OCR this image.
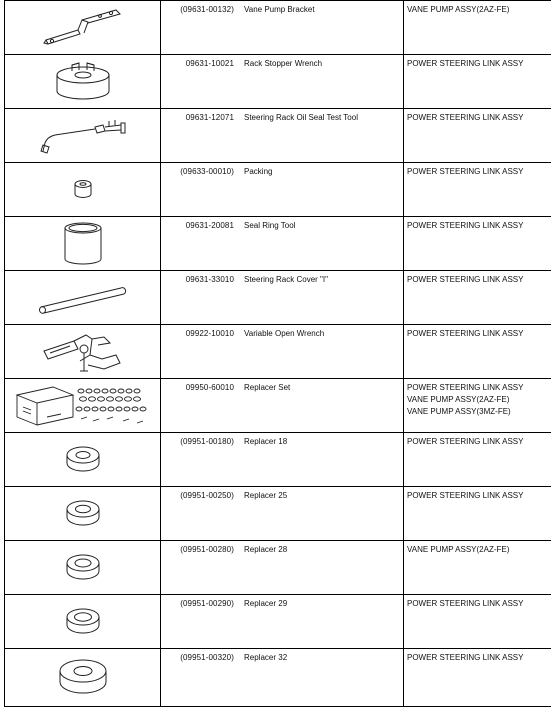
(09631-00132) Vane Pump Bracket	VANE PUMP ASSY(2AZ-FE)

09631-10021 Rack Stopper Wrench	POWER STEERING LINK ASSY

09631-12071 Steering Rack Oil Seal Test Tool	POWER STEERING LINK ASSY

(09633-00010) Packing	POWER STEERING LINK ASSY

09631-20081 Seal Ring Tool	POWER STEERING LINK ASSY

09631-33010 Steering Rack Cover "I"	POWER STEERING LINK ASSY

09922-10010 Variable Open Wrench	POWER STEERING LINK ASSY

09950-60010 Replacer Set	POWER STEERING LINK ASSY
VANE PUMP ASSY(2AZ-FE)
VANE PUMP ASSY(3MZ-FE)

(09951-00180) Replacer 18	POWER STEERING LINK ASSY

(09951-00250) Replacer 25	POWER STEERING LINK ASSY

(09951-00280) Replacer 28	VANE PUMP ASSY(2AZ-FE)

(09951-00290) Replacer 29	POWER STEERING LINK ASSY

(09951-00320) Replacer 32	POWER STEERING LINK ASSY
